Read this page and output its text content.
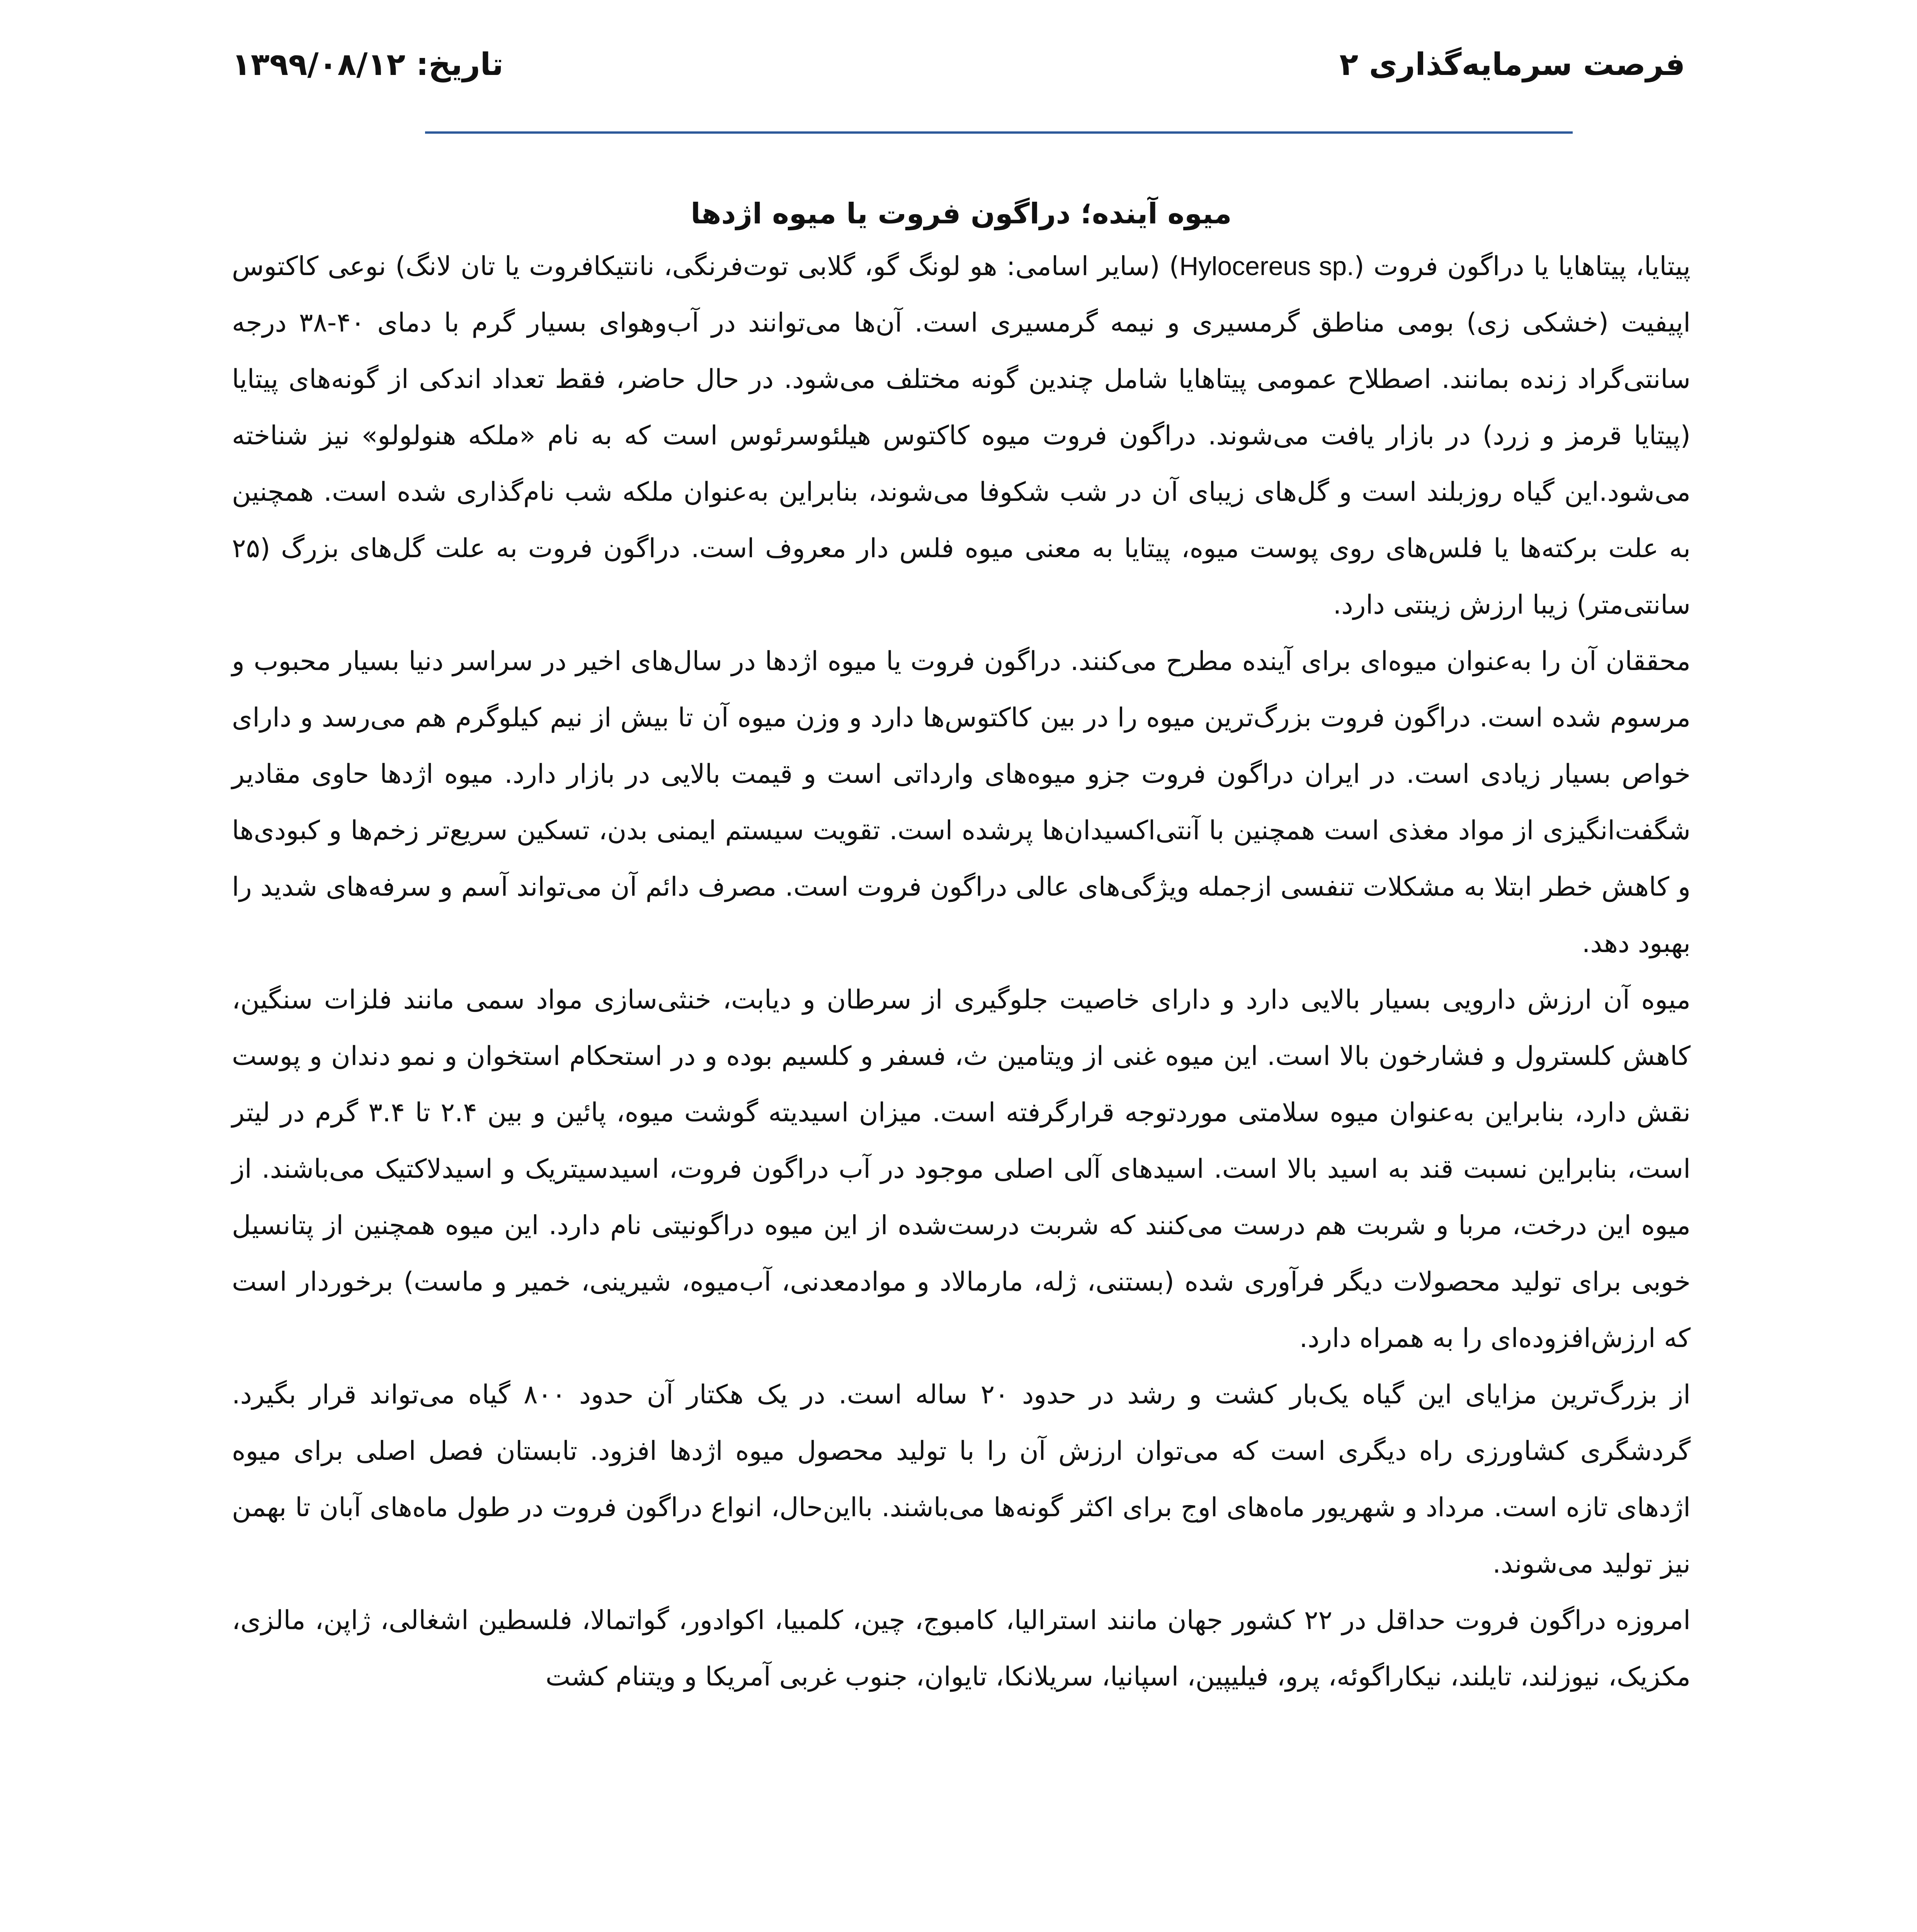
فرصت سرمایه‌گذاری ۲
تاریخ: ۱۳۹۹/۰۸/۱۲
میوه آینده؛ دراگون فروت یا میوه اژدها

پیتایا، پیتاهایا یا دراگون فروت (Hylocereus sp.) (سایر اسامی: هو لونگ گو، گلابی توت‌فرنگی، نانتیکافروت یا تان لانگ) نوعی کاکتوس اپیفیت (خشکی زی) بومی مناطق گرمسیری و نیمه گرمسیری است. آن‌ها می‌توانند در آب‌وهوای بسیار گرم با دمای ۴۰-۳۸ درجه سانتی‌گراد زنده بمانند. اصطلاح عمومی پیتاهایا شامل چندین گونه مختلف می‌شود. در حال حاضر، فقط تعداد اندکی از گونه‌های پیتایا (پیتایا قرمز و زرد) در بازار یافت می‌شوند. دراگون فروت میوه کاکتوس هیلئوسرئوس است که به نام «ملکه هنولولو» نیز شناخته می‌شود.این گیاه روزبلند است و گل‌های زیبای آن در شب شکوفا می‌شوند، بنابراین به‌عنوان ملکه شب نام‌گذاری شده است. همچنین به علت برکته‌ها یا فلس‌های روی پوست میوه، پیتایا به معنی میوه فلس دار معروف است. دراگون فروت به علت گل‌های بزرگ (۲۵ سانتی‌متر) زیبا ارزش زینتی دارد.

محققان آن را به‌عنوان میوه‌ای برای آینده مطرح می‌کنند. دراگون فروت یا میوه اژدها در سال‌های اخیر در سراسر دنیا بسیار محبوب و مرسوم شده است. دراگون فروت بزرگ‌ترین میوه را در بین کاکتوس‌ها دارد و وزن میوه آن تا بیش از نیم کیلوگرم هم می‌رسد و دارای خواص بسیار زیادی است. در ایران دراگون فروت جزو میوه‌های وارداتی است و قیمت بالایی در بازار دارد. میوه اژدها حاوی مقادیر شگفت‌انگیزی از مواد مغذی است همچنین با آنتی‌اکسیدان‌ها پرشده است. تقویت سیستم ایمنی بدن، تسکین سریع‌تر زخم‌ها و کبودی‌ها و کاهش خطر ابتلا به مشکلات تنفسی ازجمله ویژگی‌های عالی دراگون فروت است. مصرف دائم آن می‌تواند آسم و سرفه‌های شدید را بهبود دهد.

میوه آن ارزش دارویی بسیار بالایی دارد و دارای خاصیت جلوگیری از سرطان و دیابت، خنثی‌سازی مواد سمی مانند فلزات سنگین، کاهش کلسترول و فشارخون بالا است. این میوه غنی از ویتامین ث، فسفر و کلسیم بوده و در استحکام استخوان و نمو دندان و پوست نقش دارد، بنابراین به‌عنوان میوه سلامتی موردتوجه قرارگرفته است. میزان اسیدیته گوشت میوه، پائین و بین ۲.۴ تا ۳.۴ گرم در لیتر است، بنابراین نسبت قند به اسید بالا است. اسیدهای آلی اصلی موجود در آب دراگون فروت، اسیدسیتریک و اسیدلاکتیک می‌باشند. از میوه این درخت، مربا و شربت هم درست می‌کنند که شربت درست‌شده از این میوه دراگونیتی نام دارد. این میوه همچنین از پتانسیل خوبی برای تولید محصولات دیگر فرآوری شده (بستنی، ژله، مارمالاد و موادمعدنی، آب‌میوه، شیرینی، خمیر و ماست) برخوردار است که ارزش‌افزوده‌ای را به همراه دارد.

از بزرگ‌ترین مزایای این گیاه یک‌بار کشت و رشد در حدود ۲۰ ساله است. در یک هکتار آن حدود ۸۰۰ گیاه می‌تواند قرار بگیرد. گردشگری کشاورزی راه دیگری است که می‌توان ارزش آن را با تولید محصول میوه اژدها افزود. تابستان فصل اصلی برای میوه اژدهای تازه است. مرداد و شهریور ماه‌های اوج برای اکثر گونه‌ها می‌باشند. بااین‌حال، انواع دراگون فروت در طول ماه‌های آبان تا بهمن نیز تولید می‌شوند.

امروزه دراگون فروت حداقل در ۲۲ کشور جهان مانند استرالیا، کامبوج، چین، کلمبیا، اکوادور، گواتمالا، فلسطین اشغالی، ژاپن، مالزی، مکزیک، نیوزلند، تایلند، نیکاراگوئه، پرو، فیلیپین، اسپانیا، سریلانکا، تایوان، جنوب غربی آمریکا و ویتنام کشت
